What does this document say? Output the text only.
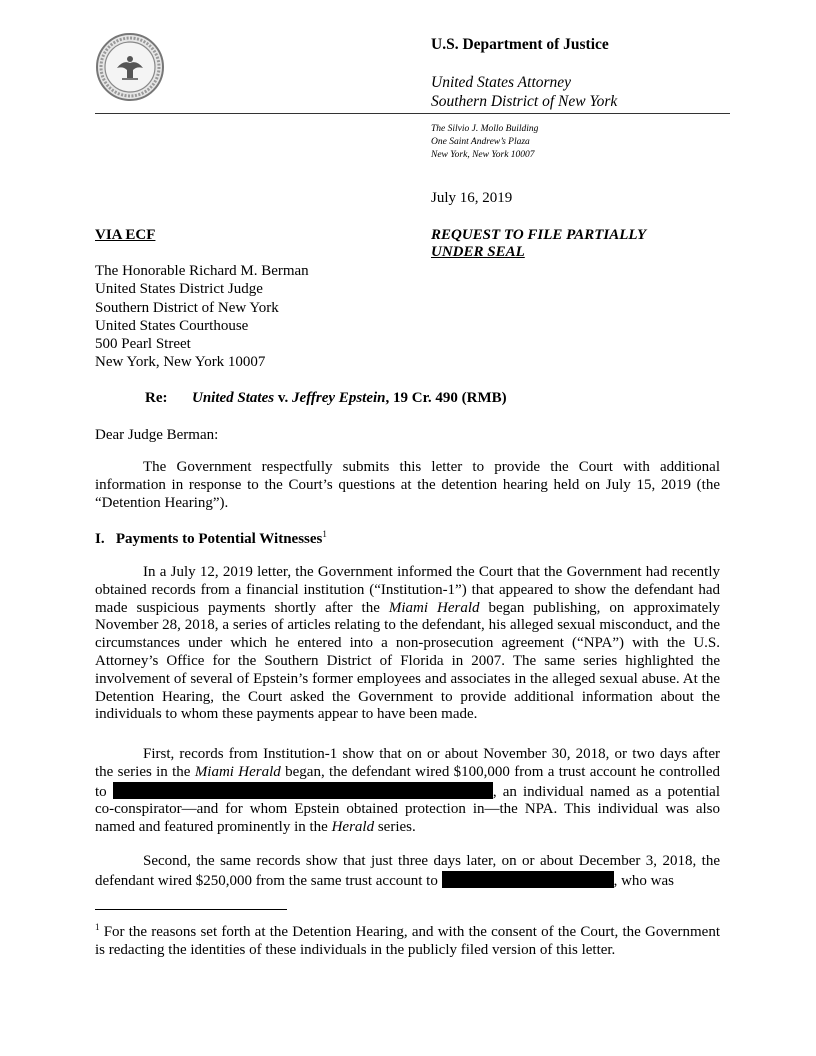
U.S. Department of Justice
United States Attorney
Southern District of New York
The Silvio J. Mollo Building
One Saint Andrew’s Plaza
New York, New York 10007
July 16, 2019
VIA ECF	REQUEST TO FILE PARTIALLY
UNDER SEAL
The Honorable Richard M. Berman
United States District Judge
Southern District of New York
United States Courthouse
500 Pearl Street
New York, New York 10007
Re: United States v. Jeffrey Epstein, 19 Cr. 490 (RMB)
Dear Judge Berman:
The Government respectfully submits this letter to provide the Court with additional information in response to the Court’s questions at the detention hearing held on July 15, 2019 (the “Detention Hearing”).
I. Payments to Potential Witnesses$^1$
In a July 12, 2019 letter, the Government informed the Court that the Government had recently obtained records from a financial institution (“Institution-1”) that appeared to show the defendant had made suspicious payments shortly after the Miami Herald began publishing, on approximately November 28, 2018, a series of articles relating to the defendant, his alleged sexual misconduct, and the circumstances under which he entered into a non-prosecution agreement (“NPA”) with the U.S. Attorney’s Office for the Southern District of Florida in 2007. The same series highlighted the involvement of several of Epstein’s former employees and associates in the alleged sexual abuse. At the Detention Hearing, the Court asked the Government to provide additional information about the individuals to whom these payments appear to have been made.
First, records from Institution-1 show that on or about November 30, 2018, or two days after the series in the Miami Herald began, the defendant wired $100,000 from a trust account he controlled to	, an individual named as a potential co-conspirator—and for whom Epstein obtained protection in—the NPA. This individual was also named and featured prominently in the Herald series.
Second, the same records show that just three days later, on or about December 3, 2018, the defendant wired $250,000 from the same trust account to	, who was
$^1$ For the reasons set forth at the Detention Hearing, and with the consent of the Court, the Government is redacting the identities of these individuals in the publicly filed version of this letter.
